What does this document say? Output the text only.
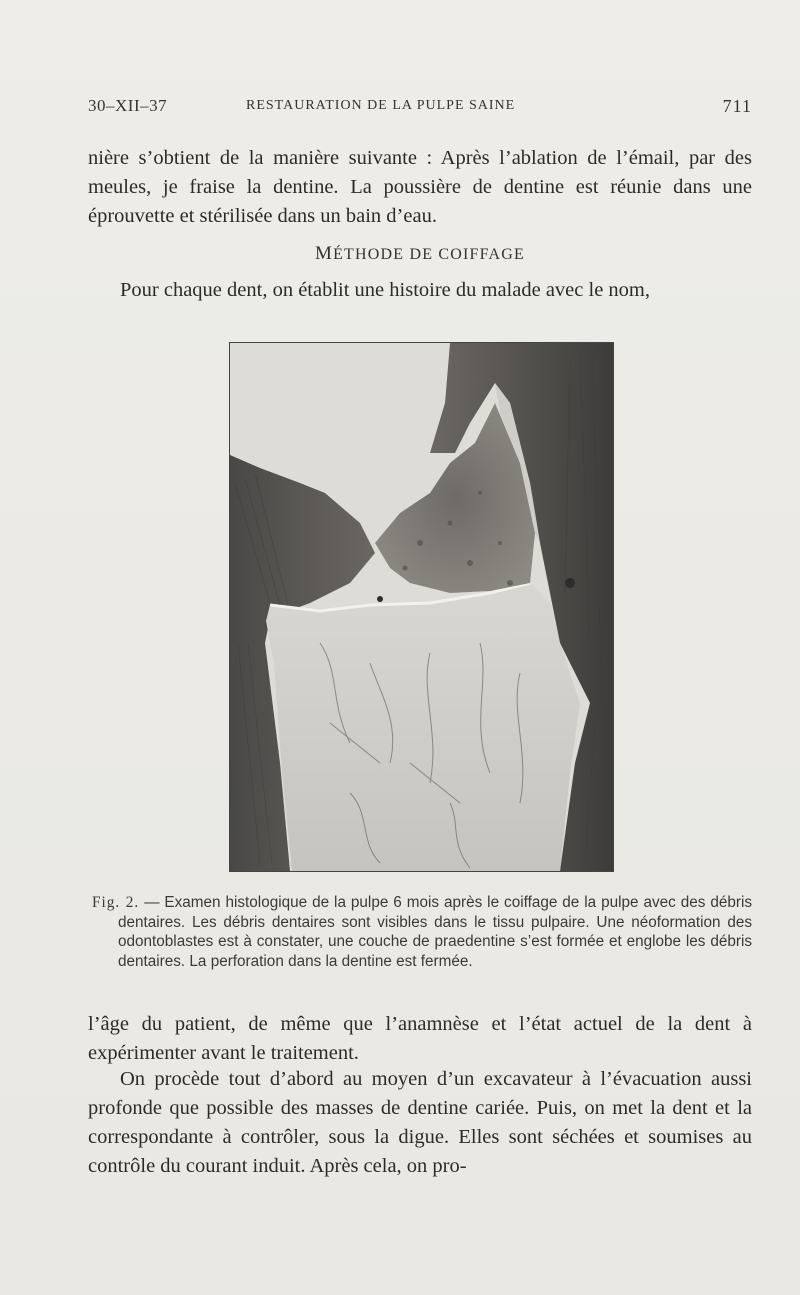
30–XII–37	RESTAURATION DE LA PULPE SAINE	711

nière s’obtient de la manière suivante : Après l’ablation de l’émail, par des meules, je fraise la dentine. La poussière de dentine est réunie dans une éprouvette et stérilisée dans un bain d’eau.

MÉTHODE DE COIFFAGE

Pour chaque dent, on établit une histoire du malade avec le nom,

Fig. 2. — Examen histologique de la pulpe 6 mois après le coiffage de la pulpe avec des débris dentaires. Les débris dentaires sont visibles dans le tissu pulpaire. Une néoformation des odontoblastes est à constater, une couche de praedentine s’est formée et englobe les débris dentaires. La perforation dans la dentine est fermée.

l’âge du patient, de même que l’anamnèse et l’état actuel de la dent à expérimenter avant le traitement.

On procède tout d’abord au moyen d’un excavateur à l’évacuation aussi profonde que possible des masses de dentine cariée. Puis, on met la dent et la correspondante à contrôler, sous la digue. Elles sont séchées et soumises au contrôle du courant induit. Après cela, on pro-
